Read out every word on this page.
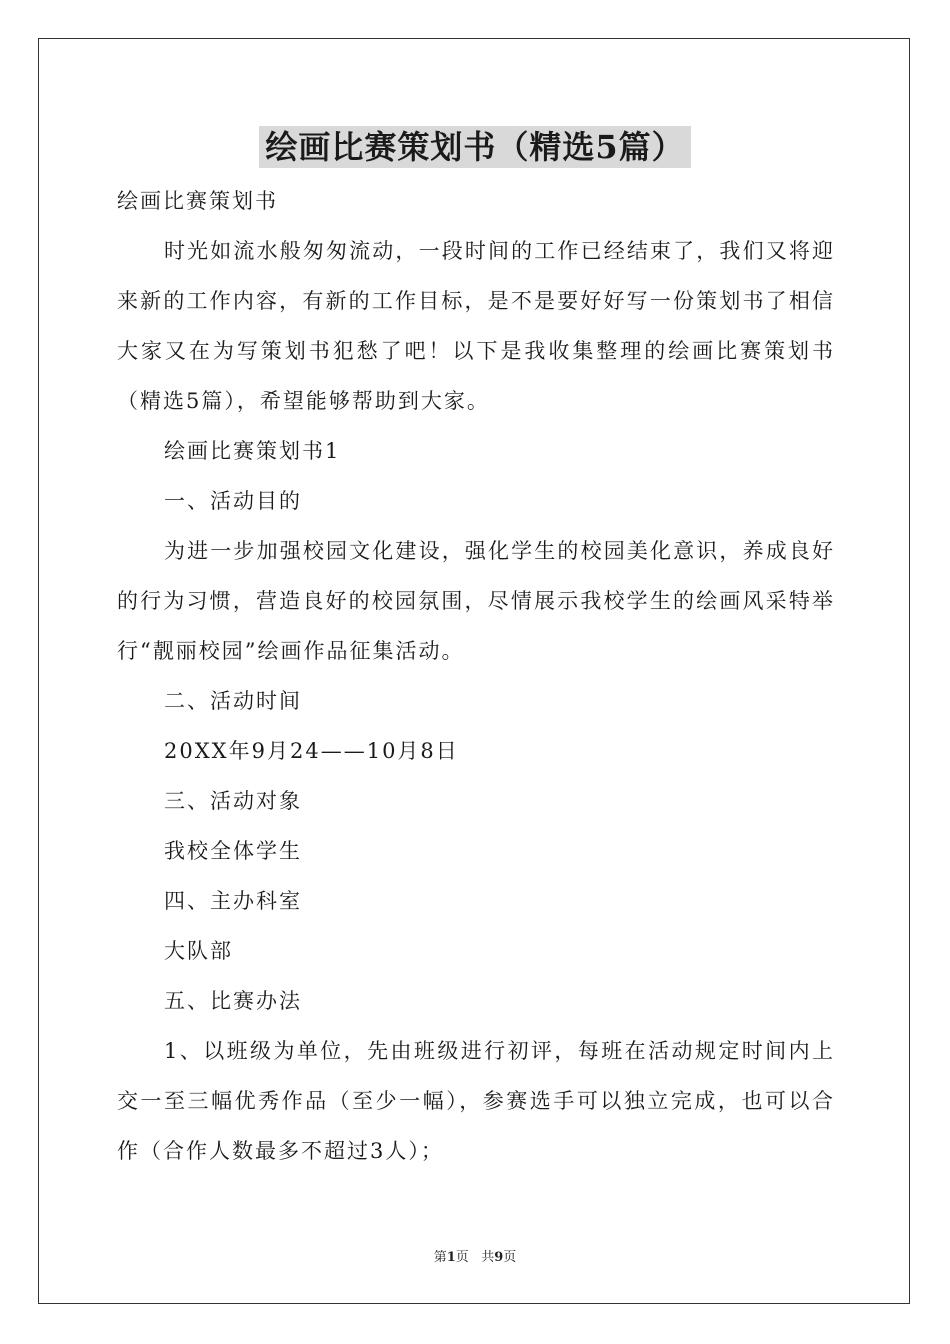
绘画比赛策划书（精选5篇）

绘画比赛策划书

时光如流水般匆匆流动，一段时间的工作已经结束了，我们又将迎来新的工作内容，有新的工作目标，是不是要好好写一份策划书了相信大家又在为写策划书犯愁了吧！以下是我收集整理的绘画比赛策划书（精选5篇），希望能够帮助到大家。

绘画比赛策划书1

一、活动目的

为进一步加强校园文化建设，强化学生的校园美化意识，养成良好的行为习惯，营造良好的校园氛围，尽情展示我校学生的绘画风采特举行“靓丽校园”绘画作品征集活动。

二、活动时间

20XX年9月24——10月8日

三、活动对象

我校全体学生

四、主办科室

大队部

五、比赛办法

1、以班级为单位，先由班级进行初评，每班在活动规定时间内上交一至三幅优秀作品（至少一幅），参赛选手可以独立完成，也可以合作（合作人数最多不超过3人）；

第1页 共9页
